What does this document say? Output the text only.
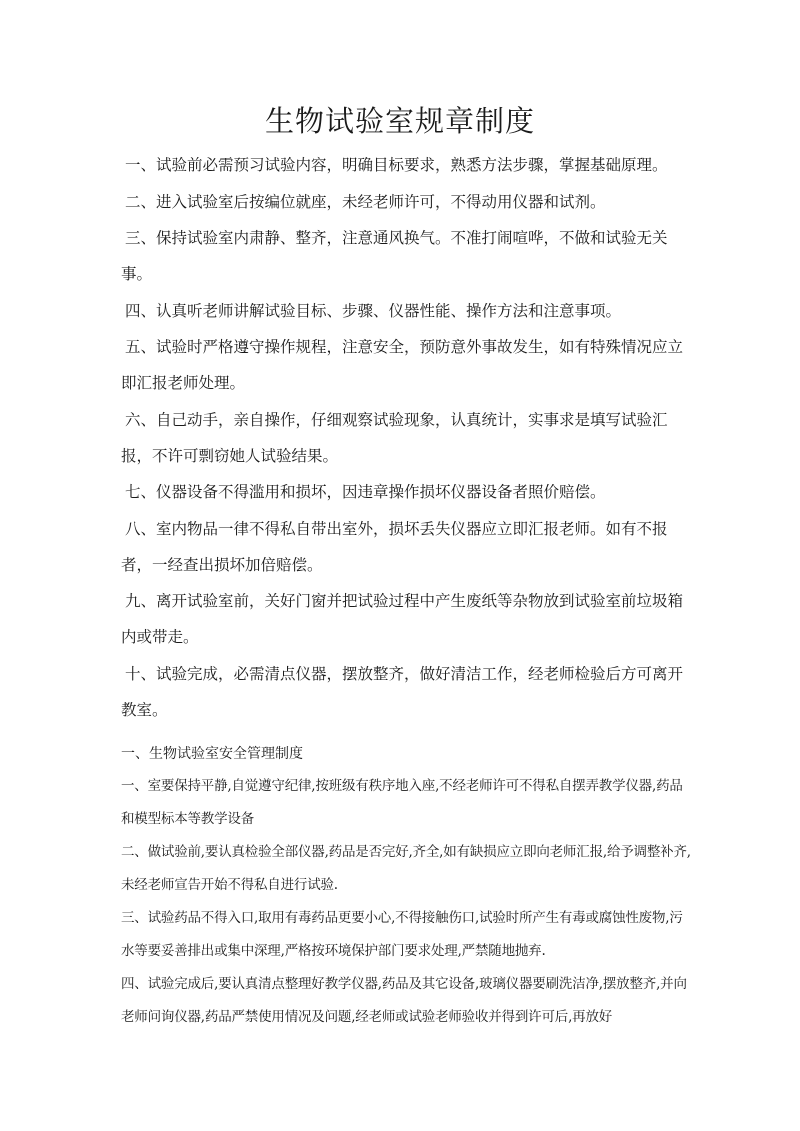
生物试验室规章制度
一、试验前必需预习试验内容，明确目标要求，熟悉方法步骤，掌握基础原理。
二、进入试验室后按编位就座，未经老师许可，不得动用仪器和试剂。
三、保持试验室内肃静、整齐，注意通风换气。不准打闹喧哗，不做和试验无关事。
四、认真听老师讲解试验目标、步骤、仪器性能、操作方法和注意事项。
五、试验时严格遵守操作规程，注意安全，预防意外事故发生，如有特殊情况应立即汇报老师处理。
六、自己动手，亲自操作，仔细观察试验现象，认真统计，实事求是填写试验汇报，不许可剽窃她人试验结果。
七、仪器设备不得滥用和损坏，因违章操作损坏仪器设备者照价赔偿。
八、室内物品一律不得私自带出室外，损坏丢失仪器应立即汇报老师。如有不报者，一经查出损坏加倍赔偿。
九、离开试验室前，关好门窗并把试验过程中产生废纸等杂物放到试验室前垃圾箱内或带走。
十、试验完成，必需清点仪器，摆放整齐，做好清洁工作，经老师检验后方可离开教室。
一、生物试验室安全管理制度
一、室要保持平静,自觉遵守纪律,按班级有秩序地入座,不经老师许可不得私自摆弄教学仪器,药品和模型标本等教学设备
二、做试验前,要认真检验全部仪器,药品是否完好,齐全,如有缺损应立即向老师汇报,给予调整补齐,未经老师宣告开始不得私自进行试验.
三、试验药品不得入口,取用有毒药品更要小心,不得接触伤口,试验时所产生有毒或腐蚀性废物,污水等要妥善排出或集中深理,严格按环境保护部门要求处理,严禁随地抛弃.
四、试验完成后,要认真清点整理好教学仪器,药品及其它设备,玻璃仪器要刷洗洁净,摆放整齐,并向老师问询仪器,药品严禁使用情况及问题,经老师或试验老师验收并得到许可后,再放好
